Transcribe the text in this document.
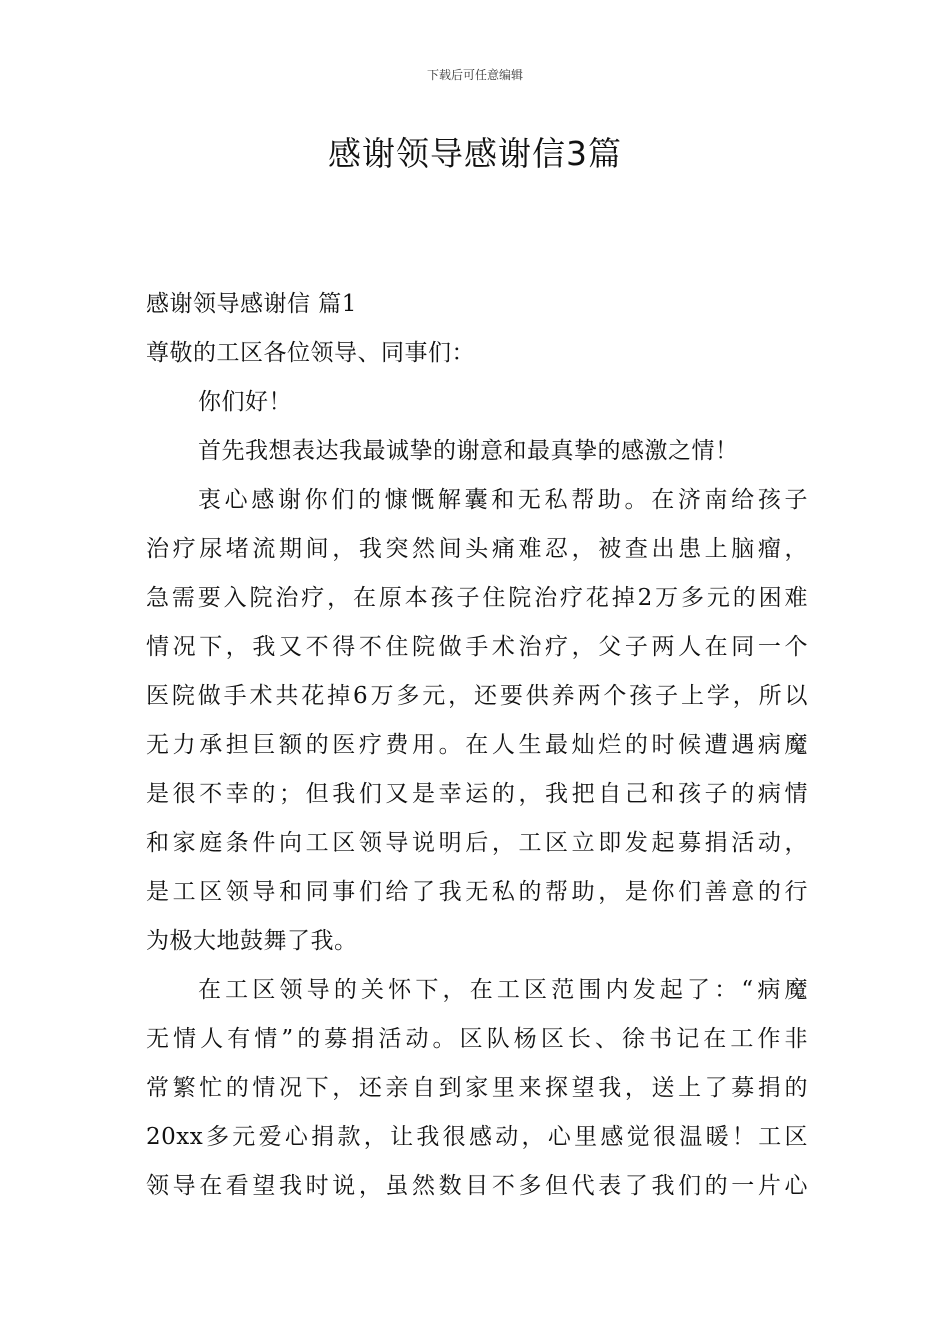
下载后可任意编辑
感谢领导感谢信3篇
感谢领导感谢信 篇1
尊敬的工区各位领导、同事们：
你们好！
首先我想表达我最诚挚的谢意和最真挚的感激之情！
衷心感谢你们的慷慨解囊和无私帮助。在济南给孩子
治疗尿堵流期间，我突然间头痛难忍，被查出患上脑瘤，
急需要入院治疗，在原本孩子住院治疗花掉2万多元的困难
情况下，我又不得不住院做手术治疗，父子两人在同一个
医院做手术共花掉6万多元，还要供养两个孩子上学，所以
无力承担巨额的医疗费用。在人生最灿烂的时候遭遇病魔
是很不幸的；但我们又是幸运的，我把自己和孩子的病情
和家庭条件向工区领导说明后，工区立即发起募捐活动，
是工区领导和同事们给了我无私的帮助，是你们善意的行
为极大地鼓舞了我。
在工区领导的关怀下，在工区范围内发起了：“病魔
无情人有情”的募捐活动。区队杨区长、徐书记在工作非
常繁忙的情况下，还亲自到家里来探望我，送上了募捐的
20xx多元爱心捐款，让我很感动，心里感觉很温暖！工区
领导在看望我时说，虽然数目不多但代表了我们的一片心
